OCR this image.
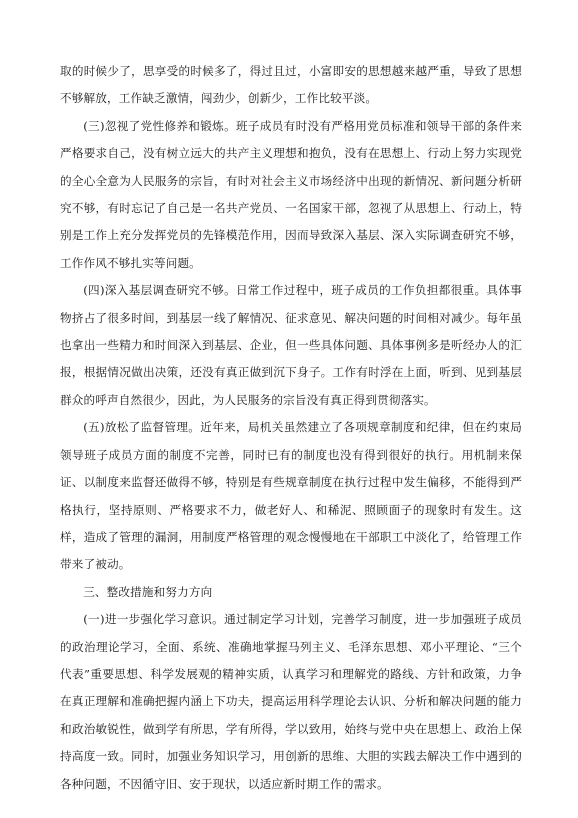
取的时候少了，思享受的时候多了，得过且过，小富即安的思想越来越严重，导致了思想不够解放，工作缺乏激情，闯劲少，创新少，工作比较平淡。

(三)忽视了党性修养和锻炼。班子成员有时没有严格用党员标准和领导干部的条件来严格要求自己，没有树立远大的共产主义理想和抱负，没有在思想上、行动上努力实现党的全心全意为人民服务的宗旨，有时对社会主义市场经济中出现的新情况、新问题分析研究不够，有时忘记了自己是一名共产党员、一名国家干部，忽视了从思想上、行动上，特别是工作上充分发挥党员的先锋模范作用，因而导致深入基层、深入实际调查研究不够，工作作风不够扎实等问题。

(四)深入基层调查研究不够。日常工作过程中，班子成员的工作负担都很重。具体事物挤占了很多时间，到基层一线了解情况、征求意见、解决问题的时间相对减少。每年虽也拿出一些精力和时间深入到基层、企业，但一些具体问题、具体事例多是听经办人的汇报，根据情况做出决策，还没有真正做到沉下身子。工作有时浮在上面，听到、见到基层群众的呼声自然很少，因此，为人民服务的宗旨没有真正得到贯彻落实。

(五)放松了监督管理。近年来，局机关虽然建立了各项规章制度和纪律，但在约束局领导班子成员方面的制度不完善，同时已有的制度也没有得到很好的执行。用机制来保证、以制度来监督还做得不够，特别是有些规章制度在执行过程中发生偏移，不能得到严格执行，坚持原则、严格要求不力，做老好人、和稀泥、照顾面子的现象时有发生。这样，造成了管理的漏洞，用制度严格管理的观念慢慢地在干部职工中淡化了，给管理工作带来了被动。

三、整改措施和努力方向

(一)进一步强化学习意识。通过制定学习计划，完善学习制度，进一步加强班子成员的政治理论学习，全面、系统、准确地掌握马列主义、毛泽东思想、邓小平理论、“三个代表”重要思想、科学发展观的精神实质，认真学习和理解党的路线、方针和政策，力争在真正理解和准确把握内涵上下功夫，提高运用科学理论去认识、分析和解决问题的能力和政治敏锐性，做到学有所思，学有所得，学以致用，始终与党中央在思想上、政治上保持高度一致。同时，加强业务知识学习，用创新的思维、大胆的实践去解决工作中遇到的各种问题，不因循守旧、安于现状，以适应新时期工作的需求。
